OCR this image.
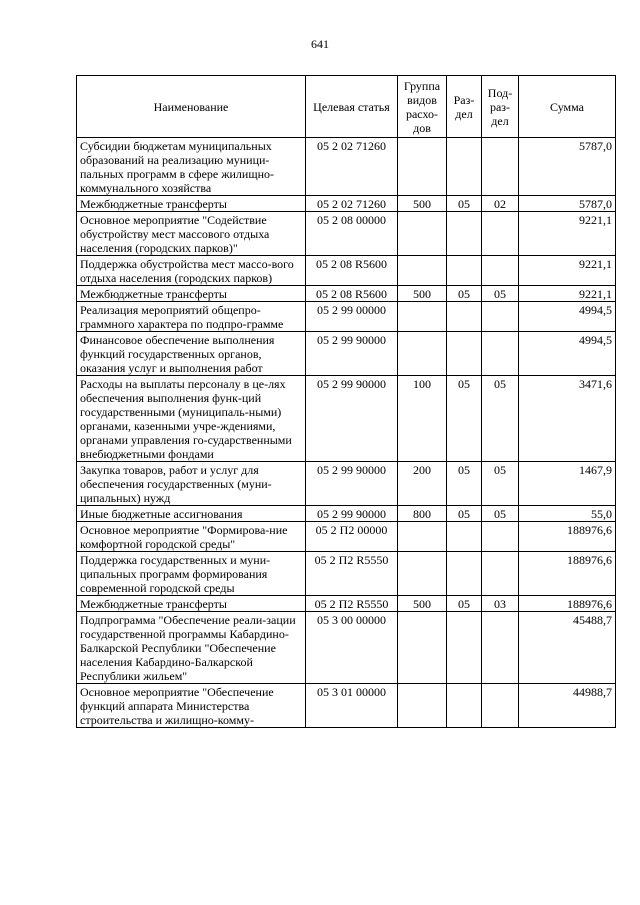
641
Наименование	Целевая статья	Группа видов расхо-дов	Раз-дел	Под-раз-дел	Сумма
Субсидии бюджетам муниципальных образований на реализацию муници-пальных программ в сфере жилищно-коммунального хозяйства	05 2 02 71260				5787,0
Межбюджетные трансферты	05 2 02 71260	500	05	02	5787,0
Основное мероприятие "Содействие обустройству мест массового отдыха населения (городских парков)"	05 2 08 00000				9221,1
Поддержка обустройства мест массо-вого отдыха населения (городских парков)	05 2 08 R5600				9221,1
Межбюджетные трансферты	05 2 08 R5600	500	05	05	9221,1
Реализация мероприятий общепро-граммного характера по подпро-грамме	05 2 99 00000				4994,5
Финансовое обеспечение выполнения функций государственных органов, оказания услуг и выполнения работ	05 2 99 90000				4994,5
Расходы на выплаты персоналу в це-лях обеспечения выполнения функ-ций государственными (муниципаль-ными) органами, казенными учре-ждениями, органами управления го-сударственными внебюджетными фондами	05 2 99 90000	100	05	05	3471,6
Закупка товаров, работ и услуг для обеспечения государственных (муни-ципальных) нужд	05 2 99 90000	200	05	05	1467,9
Иные бюджетные ассигнования	05 2 99 90000	800	05	05	55,0
Основное мероприятие "Формирова-ние комфортной городской среды"	05 2 П2 00000				188976,6
Поддержка государственных и муни-ципальных программ формирования современной городской среды	05 2 П2 R5550				188976,6
Межбюджетные трансферты	05 2 П2 R5550	500	05	03	188976,6
Подпрограмма "Обеспечение реали-зации государственной программы Кабардино-Балкарской Республики "Обеспечение населения Кабардино-Балкарской Республики жильем"	05 3 00 00000				45488,7
Основное мероприятие "Обеспечение функций аппарата Министерства строительства и жилищно-комму-	05 3 01 00000				44988,7
